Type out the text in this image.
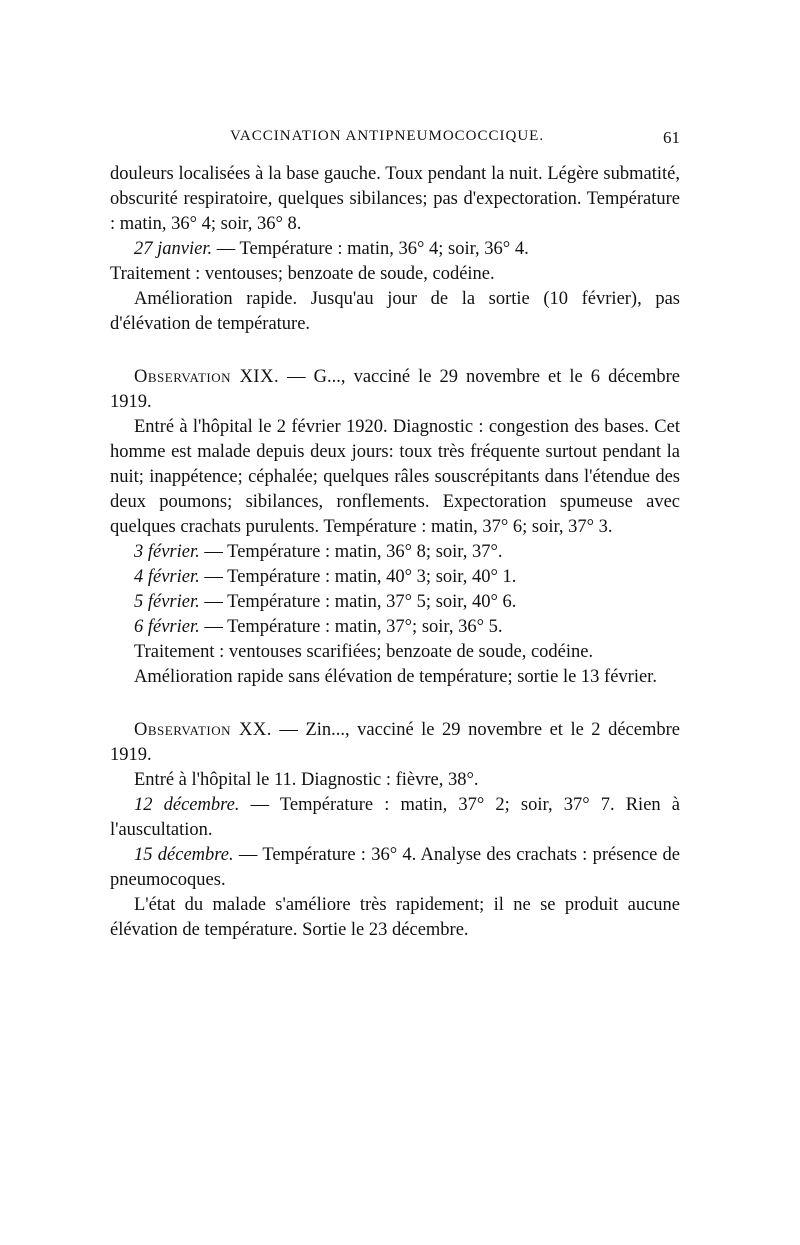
VACCINATION ANTIPNEUMOCOCCIQUE.	61

douleurs localisées à la base gauche. Toux pendant la nuit. Légère submatité, obscurité respiratoire, quelques sibilances; pas d'expectoration. Température : matin, 36° 4; soir, 36° 8.

27 janvier. — Température : matin, 36° 4; soir, 36° 4.

Traitement : ventouses; benzoate de soude, codéine.

Amélioration rapide. Jusqu'au jour de la sortie (10 février), pas d'élévation de température.

Observation XIX. — G..., vacciné le 29 novembre et le 6 décembre 1919.

Entré à l'hôpital le 2 février 1920. Diagnostic : congestion des bases. Cet homme est malade depuis deux jours: toux très fréquente surtout pendant la nuit; inappétence; céphalée; quelques râles souscrépitants dans l'étendue des deux poumons; sibilances, ronflements. Expectoration spumeuse avec quelques crachats purulents. Température : matin, 37° 6; soir, 37° 3.

3 février. — Température : matin, 36° 8; soir, 37°.

4 février. — Température : matin, 40° 3; soir, 40° 1.

5 février. — Température : matin, 37° 5; soir, 40° 6.

6 février. — Température : matin, 37°; soir, 36° 5.

Traitement : ventouses scarifiées; benzoate de soude, codéine.

Amélioration rapide sans élévation de température; sortie le 13 février.

Observation XX. — Zin..., vacciné le 29 novembre et le 2 décembre 1919.

Entré à l'hôpital le 11. Diagnostic : fièvre, 38°.

12 décembre. — Température : matin, 37° 2; soir, 37° 7. Rien à l'auscultation.

15 décembre. — Température : 36° 4. Analyse des crachats : présence de pneumocoques.

L'état du malade s'améliore très rapidement; il ne se produit aucune élévation de température. Sortie le 23 décembre.
